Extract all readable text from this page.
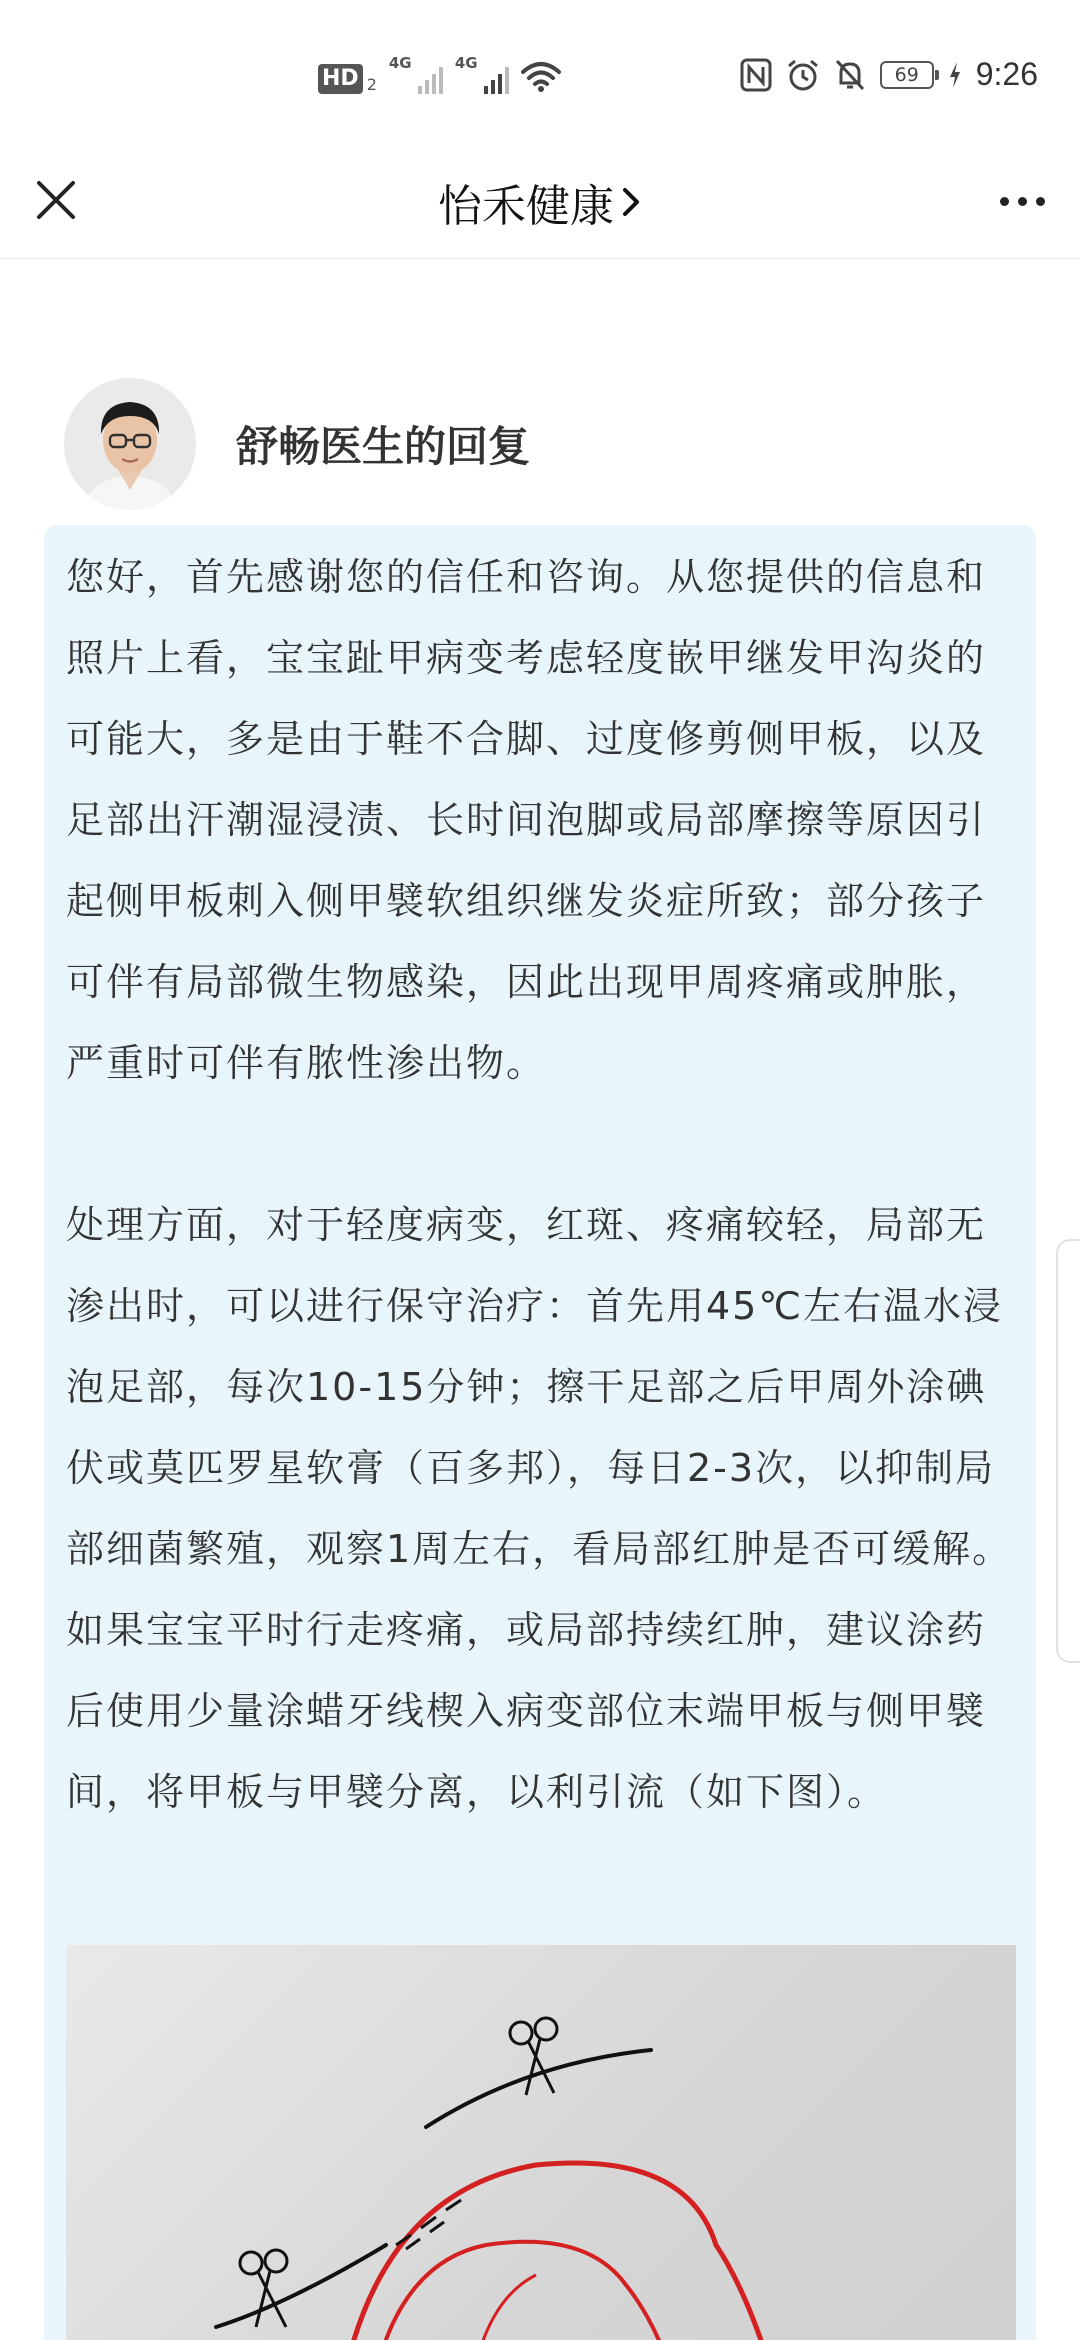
HD 2
4G	4G
69	9:26
怡禾健康
舒畅医生的回复

您好，首先感谢您的信任和咨询。从您提供的信息和照片上看，宝宝趾甲病变考虑轻度嵌甲继发甲沟炎的可能大，多是由于鞋不合脚、过度修剪侧甲板，以及足部出汗潮湿浸渍、长时间泡脚或局部摩擦等原因引起侧甲板刺入侧甲襞软组织继发炎症所致；部分孩子可伴有局部微生物感染，因此出现甲周疼痛或肿胀，严重时可伴有脓性渗出物。

处理方面，对于轻度病变，红斑、疼痛较轻，局部无渗出时，可以进行保守治疗：首先用45℃左右温水浸泡足部，每次10-15分钟；擦干足部之后甲周外涂碘伏或莫匹罗星软膏（百多邦），每日2-3次，以抑制局部细菌繁殖，观察1周左右，看局部红肿是否可缓解。如果宝宝平时行走疼痛，或局部持续红肿，建议涂药后使用少量涂蜡牙线楔入病变部位末端甲板与侧甲襞间，将甲板与甲襞分离，以利引流（如下图）。
